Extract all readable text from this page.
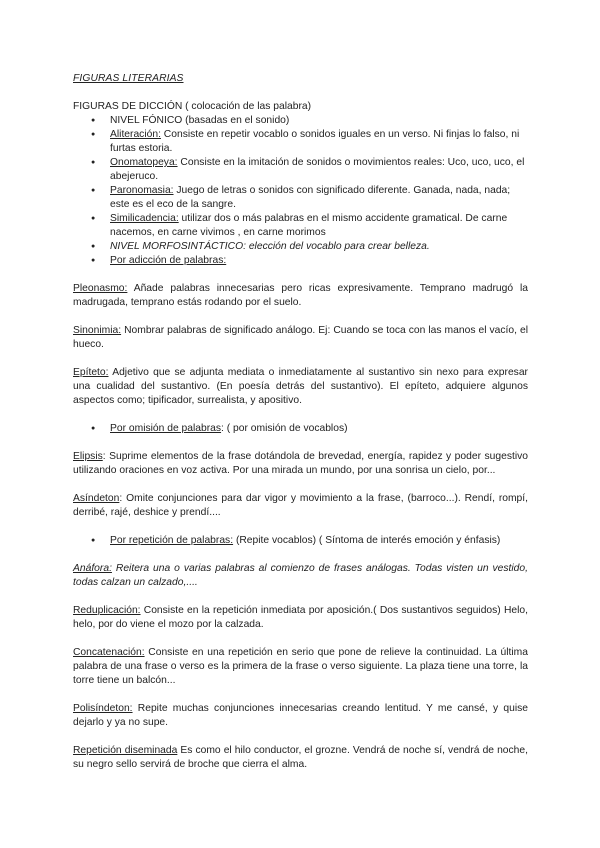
FIGURAS LITERARIAS
FIGURAS DE DICCIÓN ( colocación de las palabra)
● NIVEL FÓNICO (basadas en el sonido)
● Aliteración: Consiste en repetir vocablo o sonidos iguales en un verso. Ni finjas lo falso, ni furtas estoria.
● Onomatopeya: Consiste en la imitación de sonidos o movimientos reales: Uco, uco, uco, el abejeruco.
● Paronomasia: Juego de letras o sonidos con significado diferente. Ganada, nada, nada; este es el eco de la sangre.
● Similicadencia: utilizar dos o más palabras en el mismo accidente gramatical. De carne nacemos, en carne vivimos , en carne morimos
● NIVEL MORFOSINTÁCTICO: elección del vocablo para crear belleza.
● Por adicción de palabras:

Pleonasmo: Añade palabras innecesarias pero ricas expresivamente. Temprano madrugó la madrugada, temprano estás rodando por el suelo.

Sinonimia: Nombrar palabras de significado análogo. Ej: Cuando se toca con las manos el vacío, el hueco.

Epíteto: Adjetivo que se adjunta mediata o inmediatamente al sustantivo sin nexo para expresar una cualidad del sustantivo. (En poesía detrás del sustantivo). El epíteto, adquiere algunos aspectos como; tipificador, surrealista, y apositivo.

● Por omisión de palabras: ( por omisión de vocablos)

Elipsis: Suprime elementos de la frase dotándola de brevedad, energía, rapidez y poder sugestivo utilizando oraciones en voz activa. Por una mirada un mundo, por una sonrisa un cielo, por...

Asíndeton: Omite conjunciones para dar vigor y movimiento a la frase, (barroco...). Rendí, rompí, derribé, rajé, deshice y prendí....

● Por repetición de palabras: (Repite vocablos) ( Síntoma de interés emoción y énfasis)

Anáfora: Reitera una o varias palabras al comienzo de frases análogas. Todas visten un vestido, todas calzan un calzado,....

Reduplicación: Consiste en la repetición inmediata por aposición.( Dos sustantivos seguidos) Helo, helo, por do viene el mozo por la calzada.

Concatenación: Consiste en una repetición en serio que pone de relieve la continuidad. La última palabra de una frase o verso es la primera de la frase o verso siguiente. La plaza tiene una torre, la torre tiene un balcón...

Polisíndeton: Repite muchas conjunciones innecesarias creando lentitud. Y me cansé, y quise dejarlo y ya no supe.

Repetición diseminada Es como el hilo conductor, el grozne. Vendrá de noche sí, vendrá de noche, su negro sello servirá de broche que cierra el alma.
